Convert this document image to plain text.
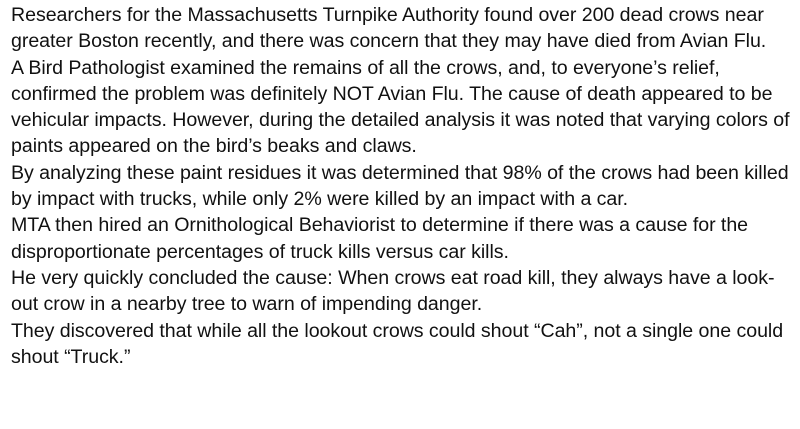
Researchers for the Massachusetts Turnpike Authority found over 200 dead crows near greater Boston recently, and there was concern that they may have died from Avian Flu.

A Bird Pathologist examined the remains of all the crows, and, to everyone’s relief, confirmed the problem was definitely NOT Avian Flu. The cause of death appeared to be vehicular impacts. However, during the detailed analysis it was noted that varying colors of paints appeared on the bird’s beaks and claws.

By analyzing these paint residues it was determined that 98% of the crows had been killed by impact with trucks, while only 2% were killed by an impact with a car.

MTA then hired an Ornithological Behaviorist to determine if there was a cause for the disproportionate percentages of truck kills versus car kills.

He very quickly concluded the cause: When crows eat road kill, they always have a look-out crow in a nearby tree to warn of impending danger.

They discovered that while all the lookout crows could shout “Cah”, not a single one could shout “Truck.”
